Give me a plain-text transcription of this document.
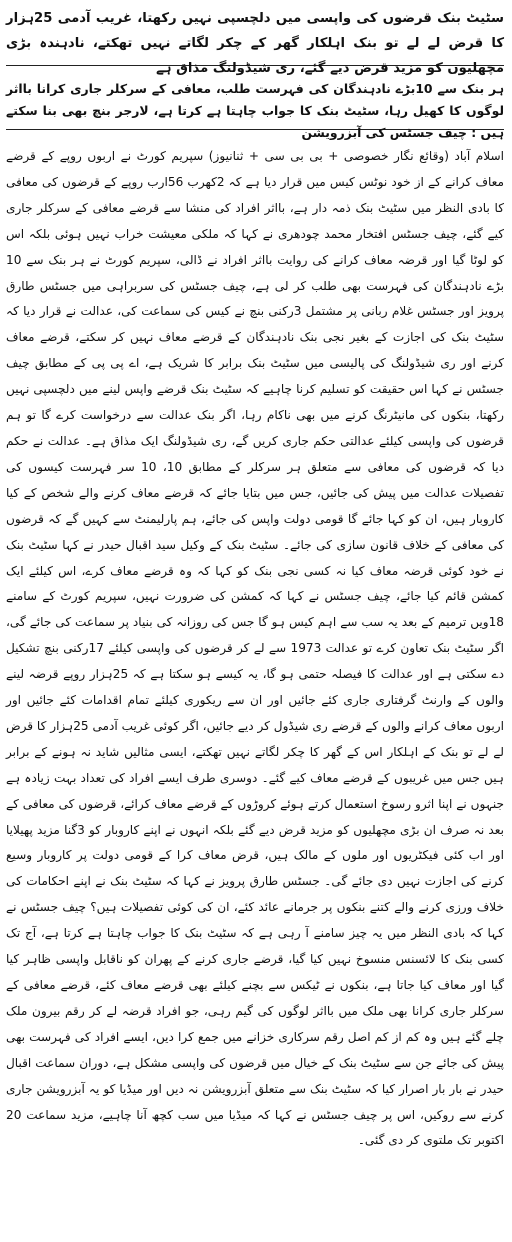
سٹیٹ بنک قرضوں کی واپسی میں دلچسپی نہیں رکھتا، غریب آدمی 25ہزار کا قرض لے لے تو بنک اہلکار گھر کے چکر لگاتے نہیں تھکتے، نادہندہ بڑی مچھلیوں کو مزید قرض دیے گئے، ری شیڈولنگ مذاق ہے
ہر بنک سے 10بڑے نادہندگان کی فہرست طلب، معافی کے سرکلر جاری کرانا بااثر لوگوں کا کھیل رہا، سٹیٹ بنک کا جواب چاہتا ہے کرتا ہے، لارجر بنچ بھی بنا سکتے ہیں : چیف جسٹس کی آبزرویشن
اسلام آباد (وقائع نگار خصوصی + بی بی سی + ثنانیوز) سپریم کورٹ نے اربوں روپے کے قرضے معاف کرانے کے از خود نوٹس کیس میں قرار دیا ہے کہ 2کھرب 56ارب روپے کے قرضوں کی معافی کا بادی النظر میں سٹیٹ بنک ذمہ دار ہے، بااثر افراد کی منشا سے قرضے معافی کے سرکلر جاری کیے گئے، چیف جسٹس افتخار محمد چودھری نے کہا کہ ملکی معیشت خراب نہیں ہوئی بلکہ اس کو لوٹا گیا اور قرضہ معاف کرانے کی روایت بااثر افراد نے ڈالی، سپریم کورٹ نے ہر بنک سے 10 بڑے نادہندگان کی فہرست بھی طلب کر لی ہے، چیف جسٹس کی سربراہی میں جسٹس طارق پرویز اور جسٹس غلام ربانی پر مشتمل 3رکنی بنچ نے کیس کی سماعت کی، عدالت نے قرار دیا کہ سٹیٹ بنک کی اجازت کے بغیر نجی بنک نادہندگان کے قرضے معاف نہیں کر سکتے، قرضے معاف کرنے اور ری شیڈولنگ کی پالیسی میں سٹیٹ بنک برابر کا شریک ہے، اے پی پی کے مطابق چیف جسٹس نے کہا اس حقیقت کو تسلیم کرنا چاہیے کہ سٹیٹ بنک قرضے واپس لینے میں دلچسپی نہیں رکھتا، بنکوں کی مانیٹرنگ کرنے میں بھی ناکام رہا، اگر بنک عدالت سے درخواست کرے گا تو ہم قرضوں کی واپسی کیلئے عدالتی حکم جاری کریں گے، ری شیڈولنگ ایک مذاق ہے۔ عدالت نے حکم دیا کہ قرضوں کی معافی سے متعلق ہر سرکلر کے مطابق 10، 10 سر فہرست کیسوں کی تفصیلات عدالت میں پیش کی جائیں، جس میں بتایا جائے کہ قرضے معاف کرنے والے شخص کے کیا کاروبار ہیں، ان کو کہا جائے گا قومی دولت واپس کی جائے، ہم پارلیمنٹ سے کہیں گے کہ قرضوں کی معافی کے خلاف قانون سازی کی جائے۔ سٹیٹ بنک کے وکیل سید اقبال حیدر نے کہا سٹیٹ بنک نے خود کوئی قرضہ معاف کیا نہ کسی نجی بنک کو کہا کہ وہ قرضے معاف کرے، اس کیلئے ایک کمشن قائم کیا جائے، چیف جسٹس نے کہا کہ کمشن کی ضرورت نہیں، سپریم کورٹ کے سامنے 18ویں ترمیم کے بعد یہ سب سے اہم کیس ہو گا جس کی روزانہ کی بنیاد پر سماعت کی جائے گی، اگر سٹیٹ بنک تعاون کرے تو عدالت 1973 سے لے کر قرضوں کی واپسی کیلئے 17رکنی بنچ تشکیل دے سکتی ہے اور عدالت کا فیصلہ حتمی ہو گا، یہ کیسے ہو سکتا ہے کہ 25ہزار روپے قرضہ لینے والوں کے وارنٹ گرفتاری جاری کئے جائیں اور ان سے ریکوری کیلئے تمام اقدامات کئے جائیں اور اربوں معاف کرانے والوں کے قرضے ری شیڈول کر دیے جائیں، اگر کوئی غریب آدمی 25ہزار کا قرض لے لے تو بنک کے اہلکار اس کے گھر کا چکر لگاتے نہیں تھکتے، ایسی مثالیں شاید نہ ہونے کے برابر ہیں جس میں غریبوں کے قرضے معاف کیے گئے۔ دوسری طرف ایسے افراد کی تعداد بہت زیادہ ہے جنہوں نے اپنا اثرو رسوخ استعمال کرتے ہوئے کروڑوں کے قرضے معاف کرائے، قرضوں کی معافی کے بعد نہ صرف ان بڑی مچھلیوں کو مزید قرض دیے گئے بلکہ انہوں نے اپنے کاروبار کو 3گنا مزید پھیلایا اور اب کئی فیکٹریوں اور ملوں کے مالک ہیں، قرض معاف کرا کے قومی دولت پر کاروبار وسیع کرنے کی اجازت نہیں دی جائے گی۔ جسٹس طارق پرویز نے کہا کہ سٹیٹ بنک نے اپنے احکامات کی خلاف ورزی کرنے والے کتنے بنکوں پر جرمانے عائد کئے، ان کی کوئی تفصیلات ہیں؟ چیف جسٹس نے کہا کہ بادی النظر میں یہ چیز سامنے آ رہی ہے کہ سٹیٹ بنک کا جواب چاہتا ہے کرتا ہے، آج تک کسی بنک کا لائسنس منسوخ نہیں کیا گیا، قرضے جاری کرنے کے پھران کو ناقابل واپسی ظاہر کیا گیا اور معاف کیا جاتا ہے، بنکوں نے ٹیکس سے بچنے کیلئے بھی قرضے معاف کئے، قرضے معافی کے سرکلر جاری کرانا بھی ملک میں بااثر لوگوں کی گیم رہی، جو افراد قرضہ لے کر رقم بیرون ملک چلے گئے ہیں وہ کم از کم اصل رقم سرکاری خزانے میں جمع کرا دیں، ایسے افراد کی فہرست بھی پیش کی جائے جن سے سٹیٹ بنک کے خیال میں قرضوں کی واپسی مشکل ہے، دوران سماعت اقبال حیدر نے بار بار اصرار کیا کہ سٹیٹ بنک سے متعلق آبزرویشن نہ دیں اور میڈیا کو یہ آبزرویشن جاری کرنے سے روکیں، اس پر چیف جسٹس نے کہا کہ میڈیا میں سب کچھ آنا چاہیے، مزید سماعت 20 اکتوبر تک ملتوی کر دی گئی۔
